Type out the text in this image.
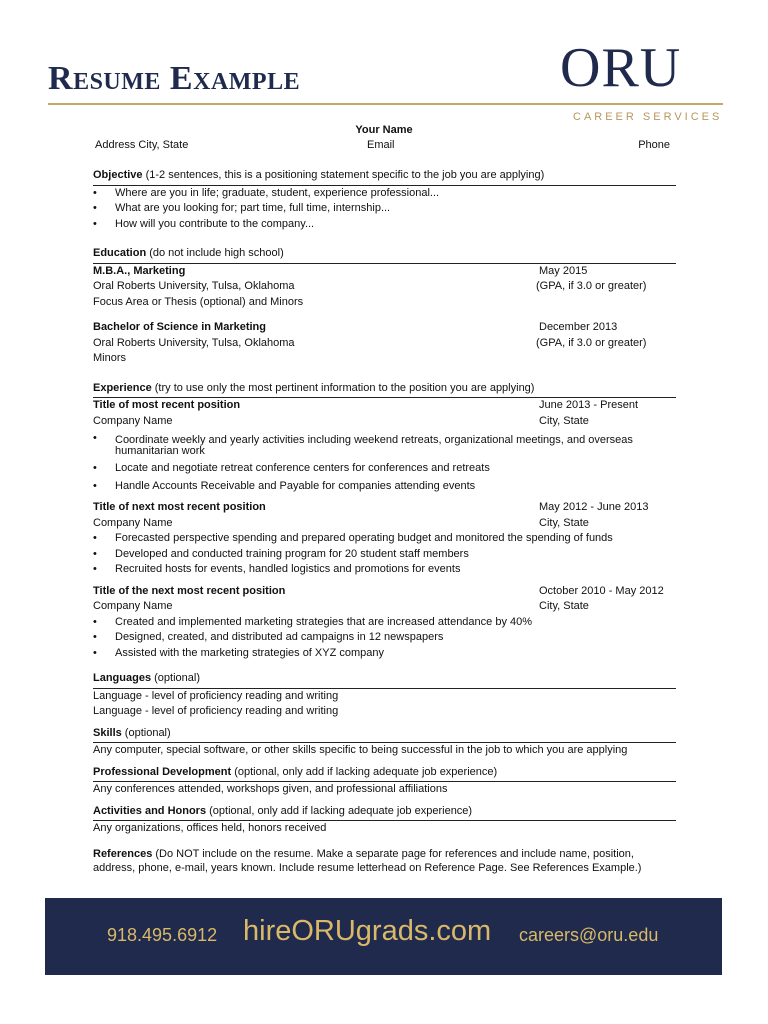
Resume Example	ORU
CAREER SERVICES
Your Name
Address City, State	Email	Phone
Objective (1-2 sentences, this is a positioning statement specific to the job you are applying)
• Where are you in life; graduate, student, experience professional...
• What are you looking for; part time, full time, internship...
• How will you contribute to the company...
Education (do not include high school)
M.B.A., Marketing	May 2015
Oral Roberts University, Tulsa, Oklahoma	(GPA, if 3.0 or greater)
Focus Area or Thesis (optional) and Minors
Bachelor of Science in Marketing	December 2013
Oral Roberts University, Tulsa, Oklahoma	(GPA, if 3.0 or greater)
Minors
Experience (try to use only the most pertinent information to the position you are applying)
Title of most recent position	June 2013 - Present
Company Name	City, State
• Coordinate weekly and yearly activities including weekend retreats, organizational meetings, and overseas humanitarian work
• Locate and negotiate retreat conference centers for conferences and retreats
• Handle Accounts Receivable and Payable for companies attending events
Title of next most recent position	May 2012 - June 2013
Company Name	City, State
• Forecasted perspective spending and prepared operating budget and monitored the spending of funds
• Developed and conducted training program for 20 student staff members
• Recruited hosts for events, handled logistics and promotions for events
Title of the next most recent position	October 2010 - May 2012
Company Name	City, State
• Created and implemented marketing strategies that are increased attendance by 40%
• Designed, created, and distributed ad campaigns in 12 newspapers
• Assisted with the marketing strategies of XYZ company
Languages (optional)
Language - level of proficiency reading and writing
Language - level of proficiency reading and writing
Skills (optional)
Any computer, special software, or other skills specific to being successful in the job to which you are applying
Professional Development (optional, only add if lacking adequate job experience)
Any conferences attended, workshops given, and professional affiliations
Activities and Honors (optional, only add if lacking adequate job experience)
Any organizations, offices held, honors received

References (Do NOT include on the resume. Make a separate page for references and include name, position, address, phone, e-mail, years known. Include resume letterhead on Reference Page. See References Example.)

918.495.6912 hireORUgrads.com careers@oru.edu
